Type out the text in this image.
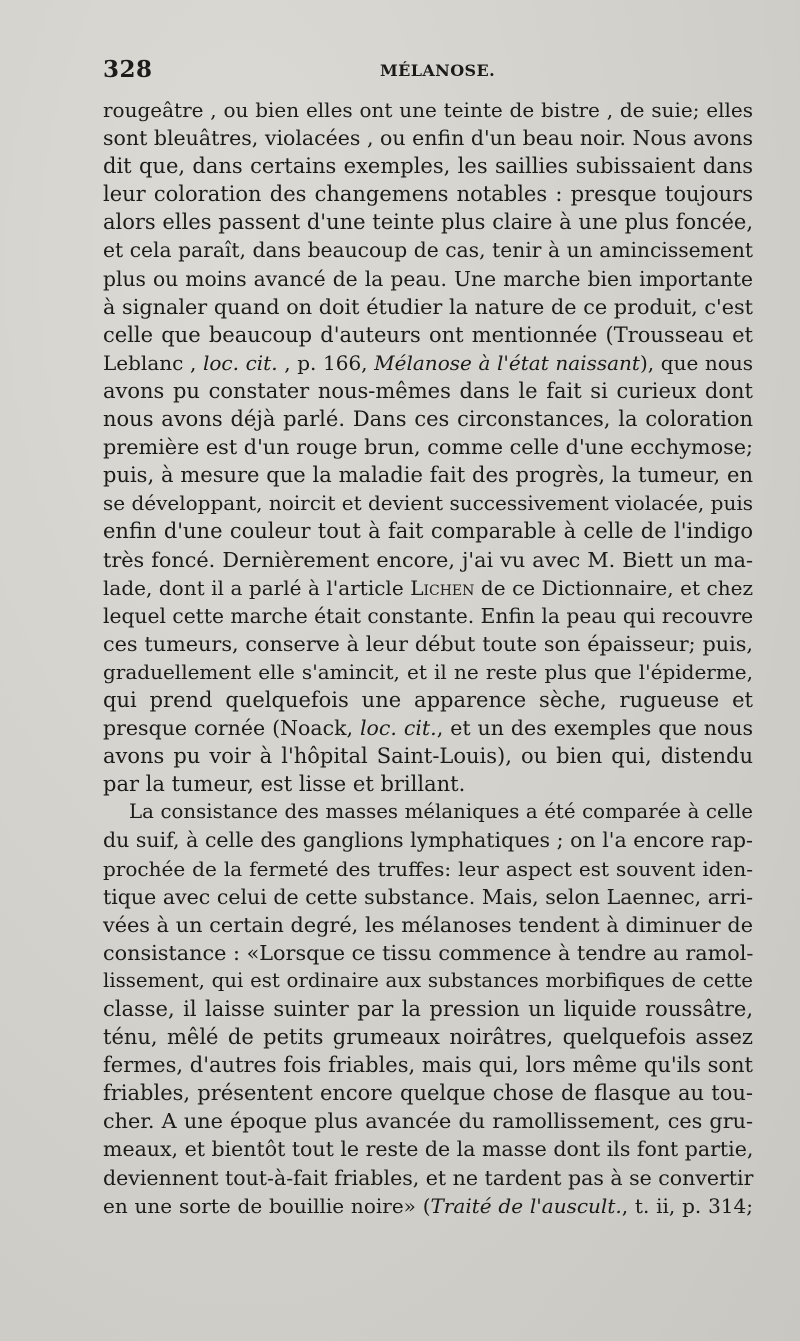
328	MÉLANOSE.
rougeâtre , ou bien elles ont une teinte de bistre , de suie; elles
sont bleuâtres, violacées , ou enfin d'un beau noir. Nous avons
dit que, dans certains exemples, les saillies subissaient dans
leur coloration des changemens notables : presque toujours
alors elles passent d'une teinte plus claire à une plus foncée,
et cela paraît, dans beaucoup de cas, tenir à un amincissement
plus ou moins avancé de la peau. Une marche bien importante
à signaler quand on doit étudier la nature de ce produit, c'est
celle que beaucoup d'auteurs ont mentionnée (Trousseau et
Leblanc , loc. cit. , p. 166, Mélanose à l'état naissant), que nous
avons pu constater nous-mêmes dans le fait si curieux dont
nous avons déjà parlé. Dans ces circonstances, la coloration
première est d'un rouge brun, comme celle d'une ecchymose;
puis, à mesure que la maladie fait des progrès, la tumeur, en
se développant, noircit et devient successivement violacée, puis
enfin d'une couleur tout à fait comparable à celle de l'indigo
très foncé. Dernièrement encore, j'ai vu avec M. Biett un ma-
lade, dont il a parlé à l'article Lichen de ce Dictionnaire, et chez
lequel cette marche était constante. Enfin la peau qui recouvre
ces tumeurs, conserve à leur début toute son épaisseur; puis,
graduellement elle s'amincit, et il ne reste plus que l'épiderme,
qui prend quelquefois une apparence sèche, rugueuse et
presque cornée (Noack, loc. cit., et un des exemples que nous
avons pu voir à l'hôpital Saint-Louis), ou bien qui, distendu
par la tumeur, est lisse et brillant.
La consistance des masses mélaniques a été comparée à celle
du suif, à celle des ganglions lymphatiques ; on l'a encore rap-
prochée de la fermeté des truffes: leur aspect est souvent iden-
tique avec celui de cette substance. Mais, selon Laennec, arri-
vées à un certain degré, les mélanoses tendent à diminuer de
consistance : «Lorsque ce tissu commence à tendre au ramol-
lissement, qui est ordinaire aux substances morbifiques de cette
classe, il laisse suinter par la pression un liquide roussâtre,
ténu, mêlé de petits grumeaux noirâtres, quelquefois assez
fermes, d'autres fois friables, mais qui, lors même qu'ils sont
friables, présentent encore quelque chose de flasque au tou-
cher. A une époque plus avancée du ramollissement, ces gru-
meaux, et bientôt tout le reste de la masse dont ils font partie,
deviennent tout-à-fait friables, et ne tardent pas à se convertir
en une sorte de bouillie noire» (Traité de l'auscult., t. ii, p. 314;
